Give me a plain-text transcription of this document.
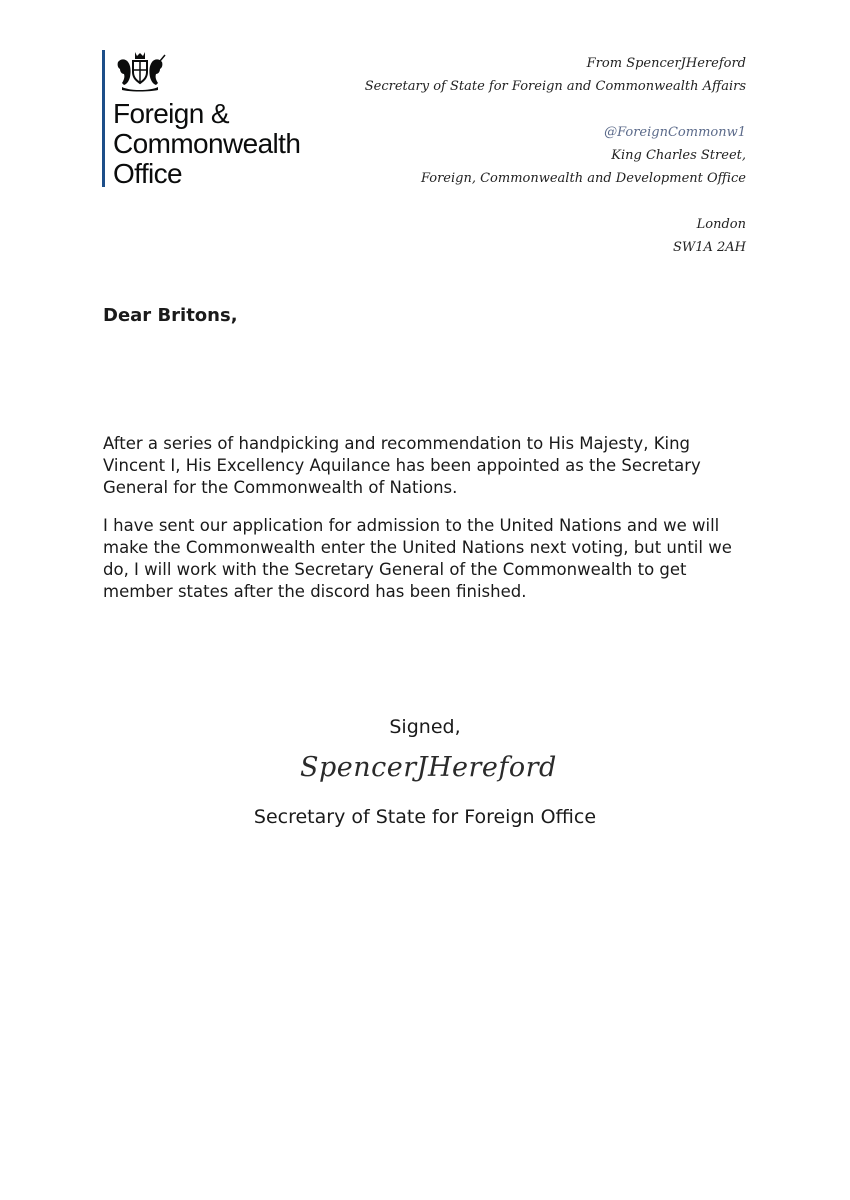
Foreign &
Commonwealth
Office
From SpencerJHereford
Secretary of State for Foreign and Commonwealth Affairs
@ForeignCommonw1
King Charles Street,
Foreign, Commonwealth and Development Office
London
SW1A 2AH
Dear Britons,

After a series of handpicking and recommendation to His Majesty, King Vincent I, His Excellency Aquilance has been appointed as the Secretary General for the Commonwealth of Nations.

I have sent our application for admission to the United Nations and we will make the Commonwealth enter the United Nations next voting, but until we do, I will work with the Secretary General of the Commonwealth to get member states after the discord has been finished.

Signed,
SpencerJHereford
Secretary of State for Foreign Office
